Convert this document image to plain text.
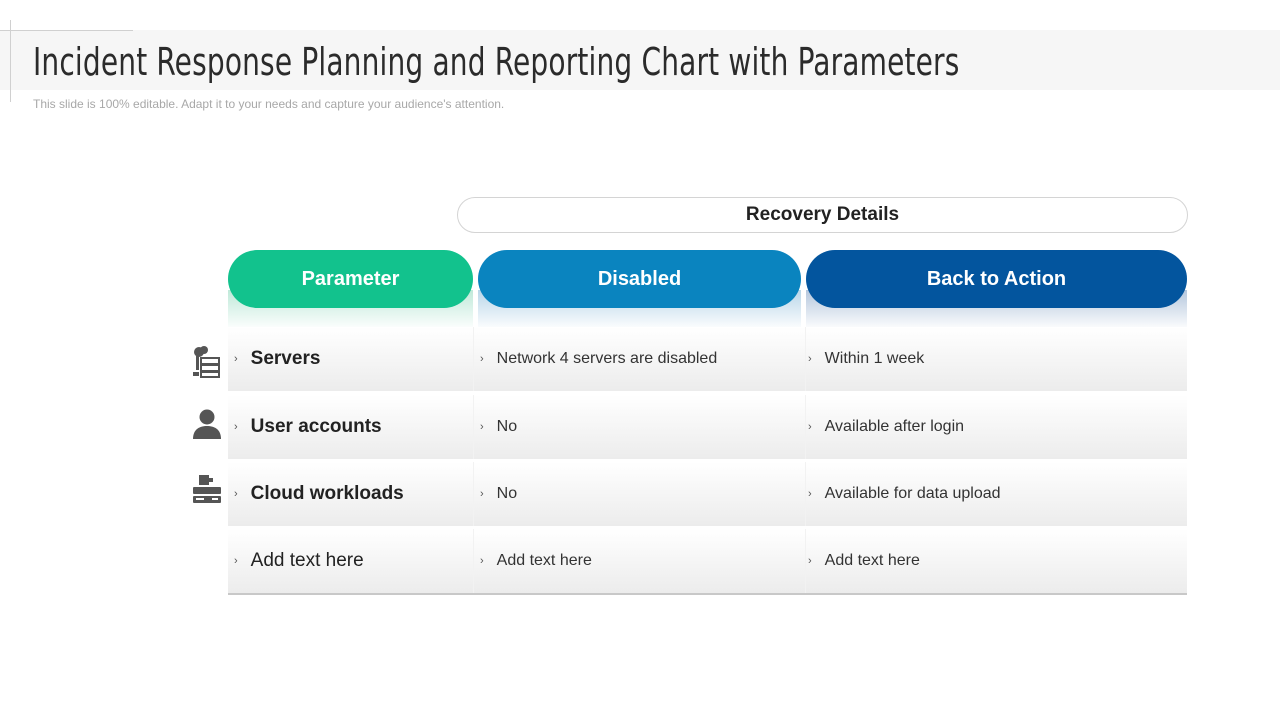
Incident Response Planning and Reporting Chart with Parameters
This slide is 100% editable. Adapt it to your needs and capture your audience's attention.
Recovery Details
Parameter	Disabled	Back to Action
› Servers	› Network 4 servers are disabled	› Within 1 week
› User accounts	› No	› Available after login
› Cloud workloads	› No	› Available for data upload
› Add text here	› Add text here	› Add text here
